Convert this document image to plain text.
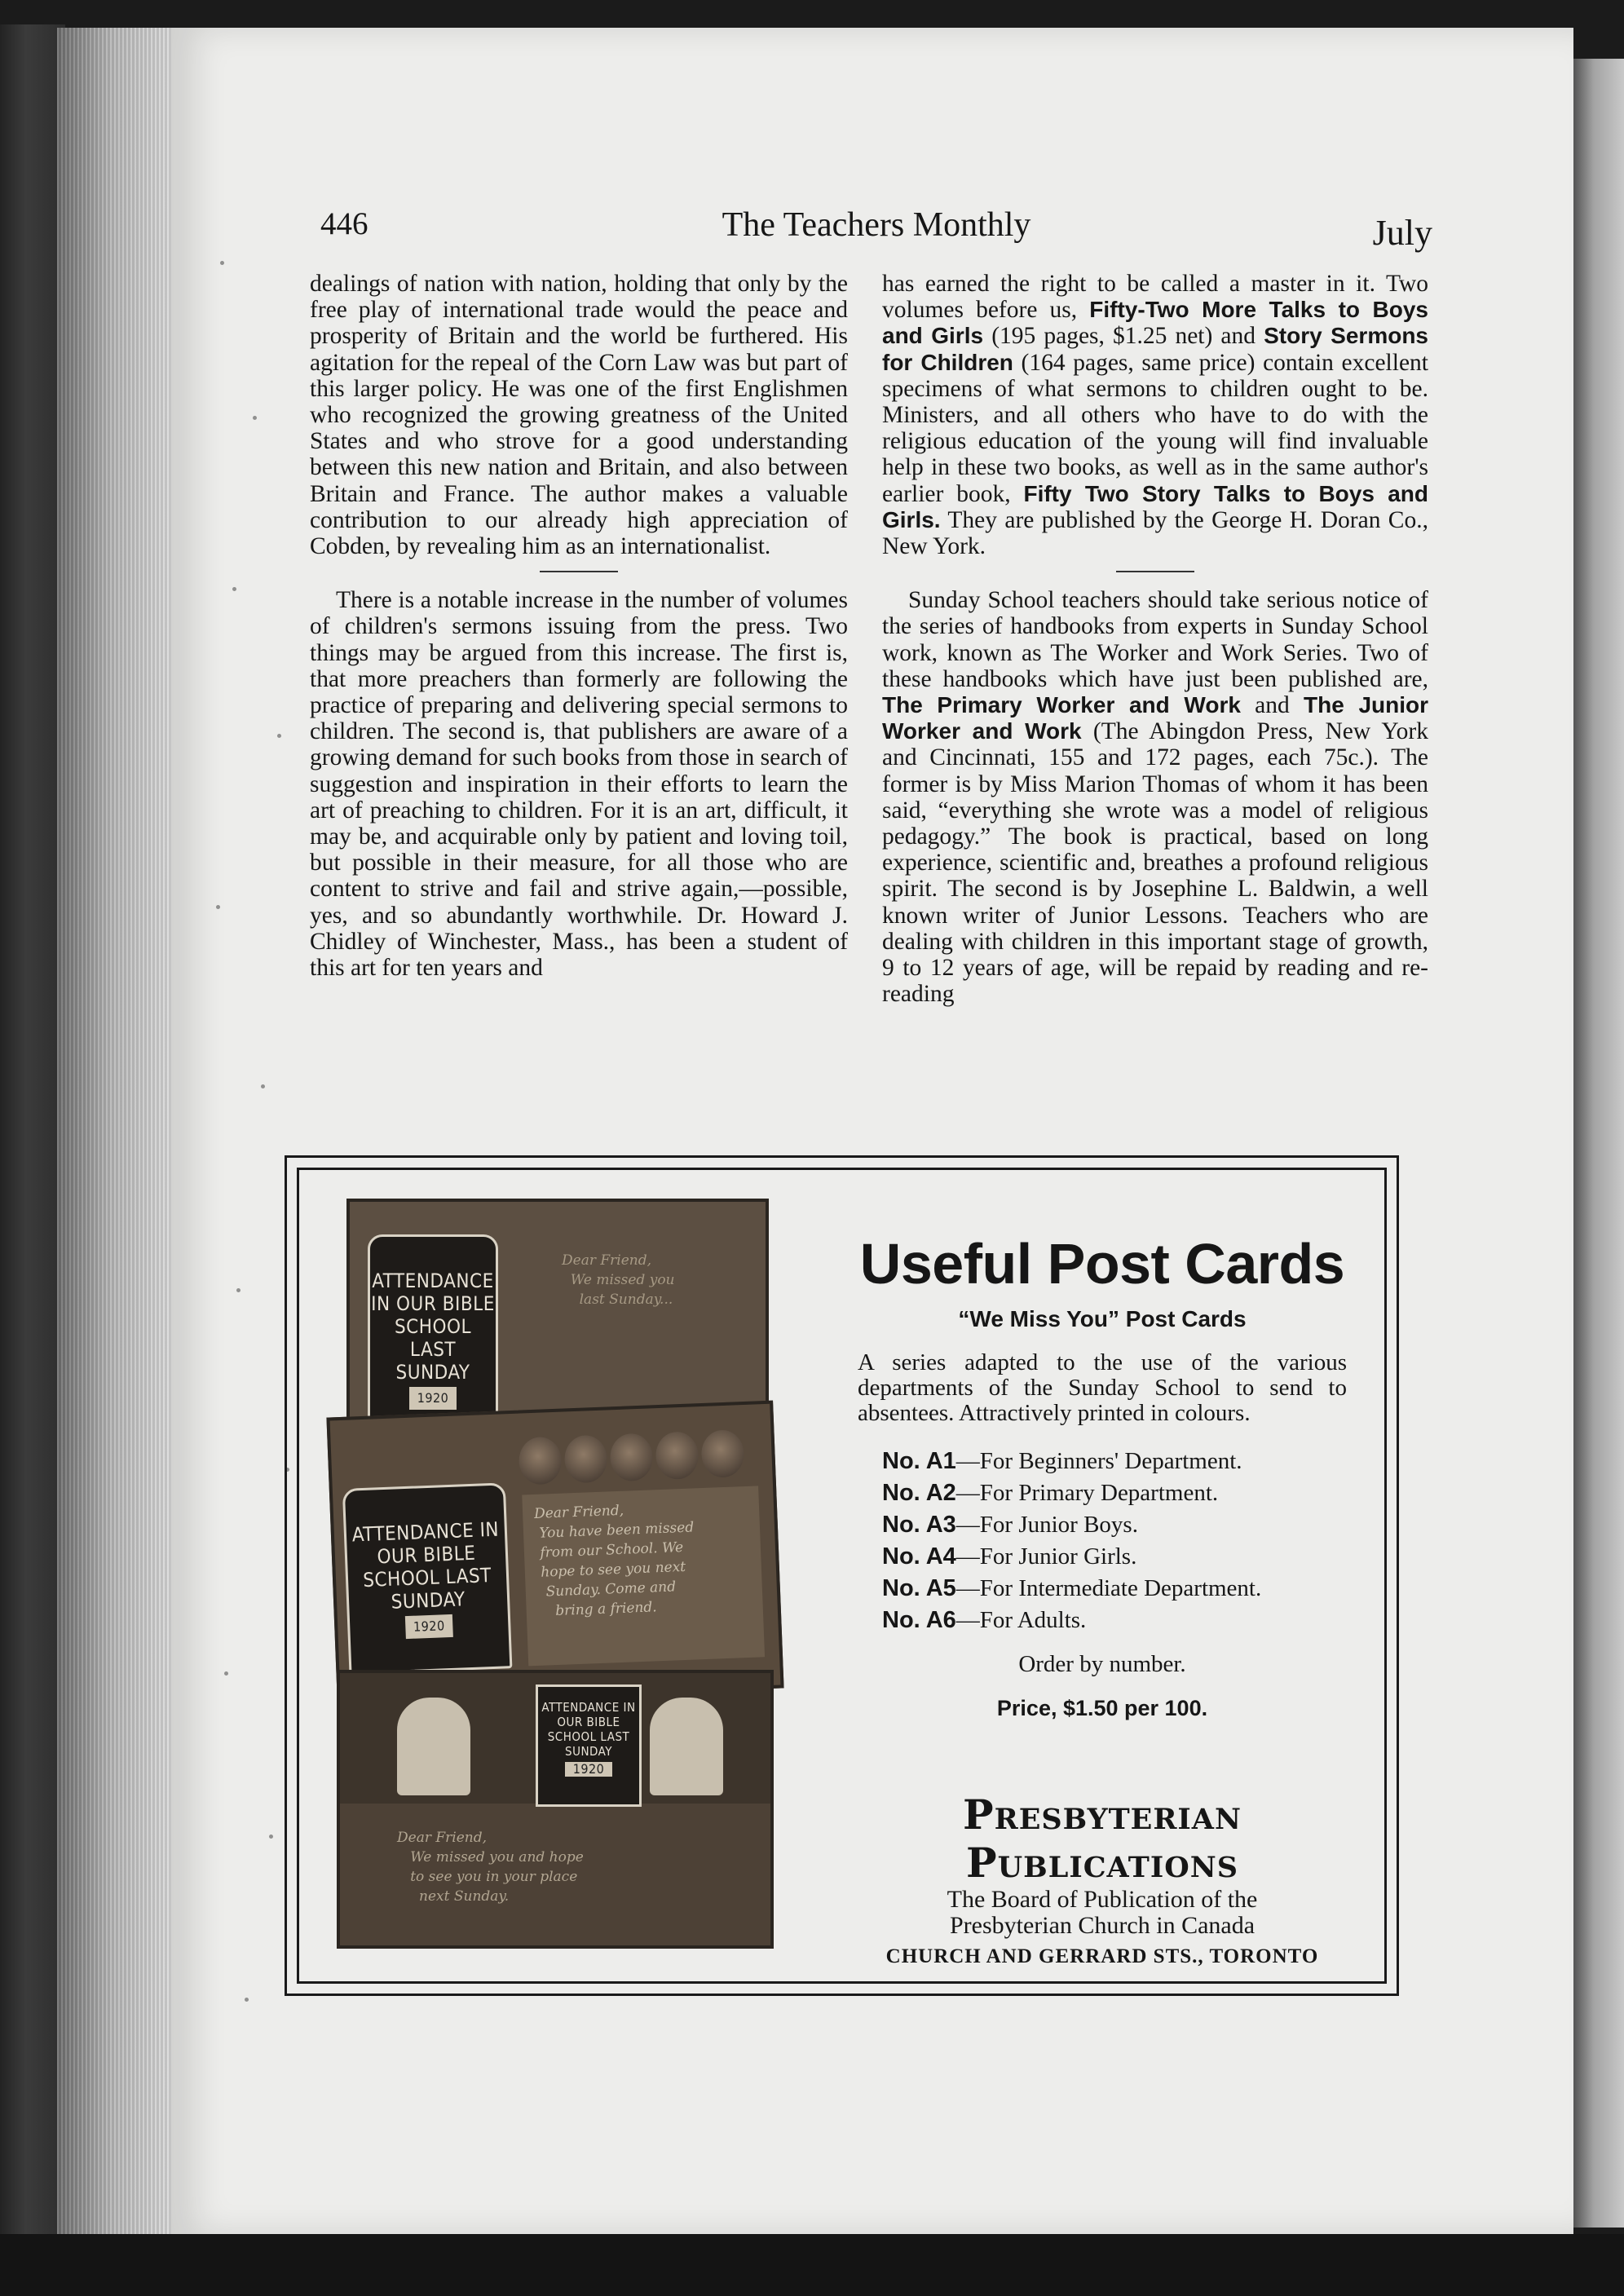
446	The Teachers Monthly	July

dealings of nation with nation, holding that only by the free play of international trade would the peace and prosperity of Britain and the world be furthered. His agitation for the repeal of the Corn Law was but part of this larger policy. He was one of the first Englishmen who recognized the growing greatness of the United States and who strove for a good understanding between this new nation and Britain, and also between Britain and France. The author makes a valuable contribution to our already high appreciation of Cobden, by revealing him as an internationalist.

There is a notable increase in the number of volumes of children's sermons issuing from the press. Two things may be argued from this increase. The first is, that more preachers than formerly are following the practice of preparing and delivering special sermons to children. The second is, that publishers are aware of a growing demand for such books from those in search of suggestion and inspiration in their efforts to learn the art of preaching to children. For it is an art, difficult, it may be, and acquirable only by patient and loving toil, but possible in their measure, for all those who are content to strive and fail and strive again,—possible, yes, and so abundantly worthwhile. Dr. Howard J. Chidley of Winchester, Mass., has been a student of this art for ten years and

has earned the right to be called a master in it. Two volumes before us, Fifty-Two More Talks to Boys and Girls (195 pages, $1.25 net) and Story Sermons for Children (164 pages, same price) contain excellent specimens of what sermons to children ought to be. Ministers, and all others who have to do with the religious education of the young will find invaluable help in these two books, as well as in the same author's earlier book, Fifty Two Story Talks to Boys and Girls. They are published by the George H. Doran Co., New York.

Sunday School teachers should take serious notice of the series of handbooks from experts in Sunday School work, known as The Worker and Work Series. Two of these handbooks which have just been published are, The Primary Worker and Work and The Junior Worker and Work (The Abingdon Press, New York and Cincinnati, 155 and 172 pages, each 75c.). The former is by Miss Marion Thomas of whom it has been said, “everything she wrote was a model of religious pedagogy.” The book is practical, based on long experience, scientific and, breathes a profound religious spirit. The second is by Josephine L. Baldwin, a well known writer of Junior Lessons. Teachers who are dealing with children in this important stage of growth, 9 to 12 years of age, will be repaid by reading and re-reading

ATTENDANCE IN OUR BIBLE SCHOOL LAST SUNDAY
1920
Dear Friend,
We missed you
last Sunday...
ATTENDANCE IN OUR BIBLE SCHOOL LAST SUNDAY
1920
Dear Friend,
You have been missed
from our School. We
hope to see you next
Sunday. Come and
bring a friend.
ATTENDANCE IN OUR BIBLE SCHOOL LAST SUNDAY
1920
Dear Friend,
We missed you and hope
to see you in your place
next Sunday.
Useful Post Cards
“We Miss You” Post Cards
A series adapted to the use of the various departments of the Sunday School to send to absentees. Attractively printed in colours.
No. A1—For Beginners' Department.
No. A2—For Primary Department.
No. A3—For Junior Boys.
No. A4—For Junior Girls.
No. A5—For Intermediate Department.
No. A6—For Adults.
Order by number.
Price, $1.50 per 100.
Presbyterian Publications
The Board of Publication of the
Presbyterian Church in Canada
CHURCH AND GERRARD STS., TORONTO
